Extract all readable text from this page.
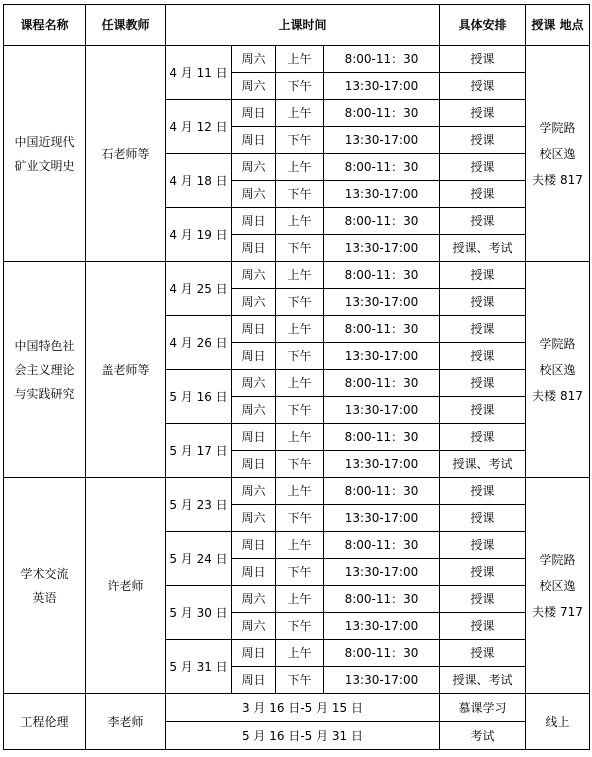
课程名称	任课教师	上课时间				具体安排	授课 地点
中国近现代
矿业文明史	石老师等	4 月 11 日	周六	上午	8:00-11：30	授课	学院路
校区逸
夫楼 817
			周六	下午	13:30-17:00	授课	
		4 月 12 日	周日	上午	8:00-11：30	授课	
			周日	下午	13:30-17:00	授课	
		4 月 18 日	周六	上午	8:00-11：30	授课	
			周六	下午	13:30-17:00	授课	
		4 月 19 日	周日	上午	8:00-11：30	授课	
			周日	下午	13:30-17:00	授课、考试	
中国特色社
会主义理论
与实践研究	盖老师等	4 月 25 日	周六	上午	8:00-11：30	授课	学院路
校区逸
夫楼 817
			周六	下午	13:30-17:00	授课	
		4 月 26 日	周日	上午	8:00-11：30	授课	
			周日	下午	13:30-17:00	授课	
		5 月 16 日	周六	上午	8:00-11：30	授课	
			周六	下午	13:30-17:00	授课	
		5 月 17 日	周日	上午	8:00-11：30	授课	
			周日	下午	13:30-17:00	授课、考试	
学术交流
英语	许老师	5 月 23 日	周六	上午	8:00-11：30	授课	学院路
校区逸
夫楼 717
			周六	下午	13:30-17:00	授课	
		5 月 24 日	周日	上午	8:00-11：30	授课	
			周日	下午	13:30-17:00	授课	
		5 月 30 日	周六	上午	8:00-11：30	授课	
			周六	下午	13:30-17:00	授课	
		5 月 31 日	周日	上午	8:00-11：30	授课	
			周日	下午	13:30-17:00	授课、考试	
工程伦理	李老师	3 月 16 日-5 月 15 日				慕课学习	线上
		5 月 16 日-5 月 31 日				考试	
